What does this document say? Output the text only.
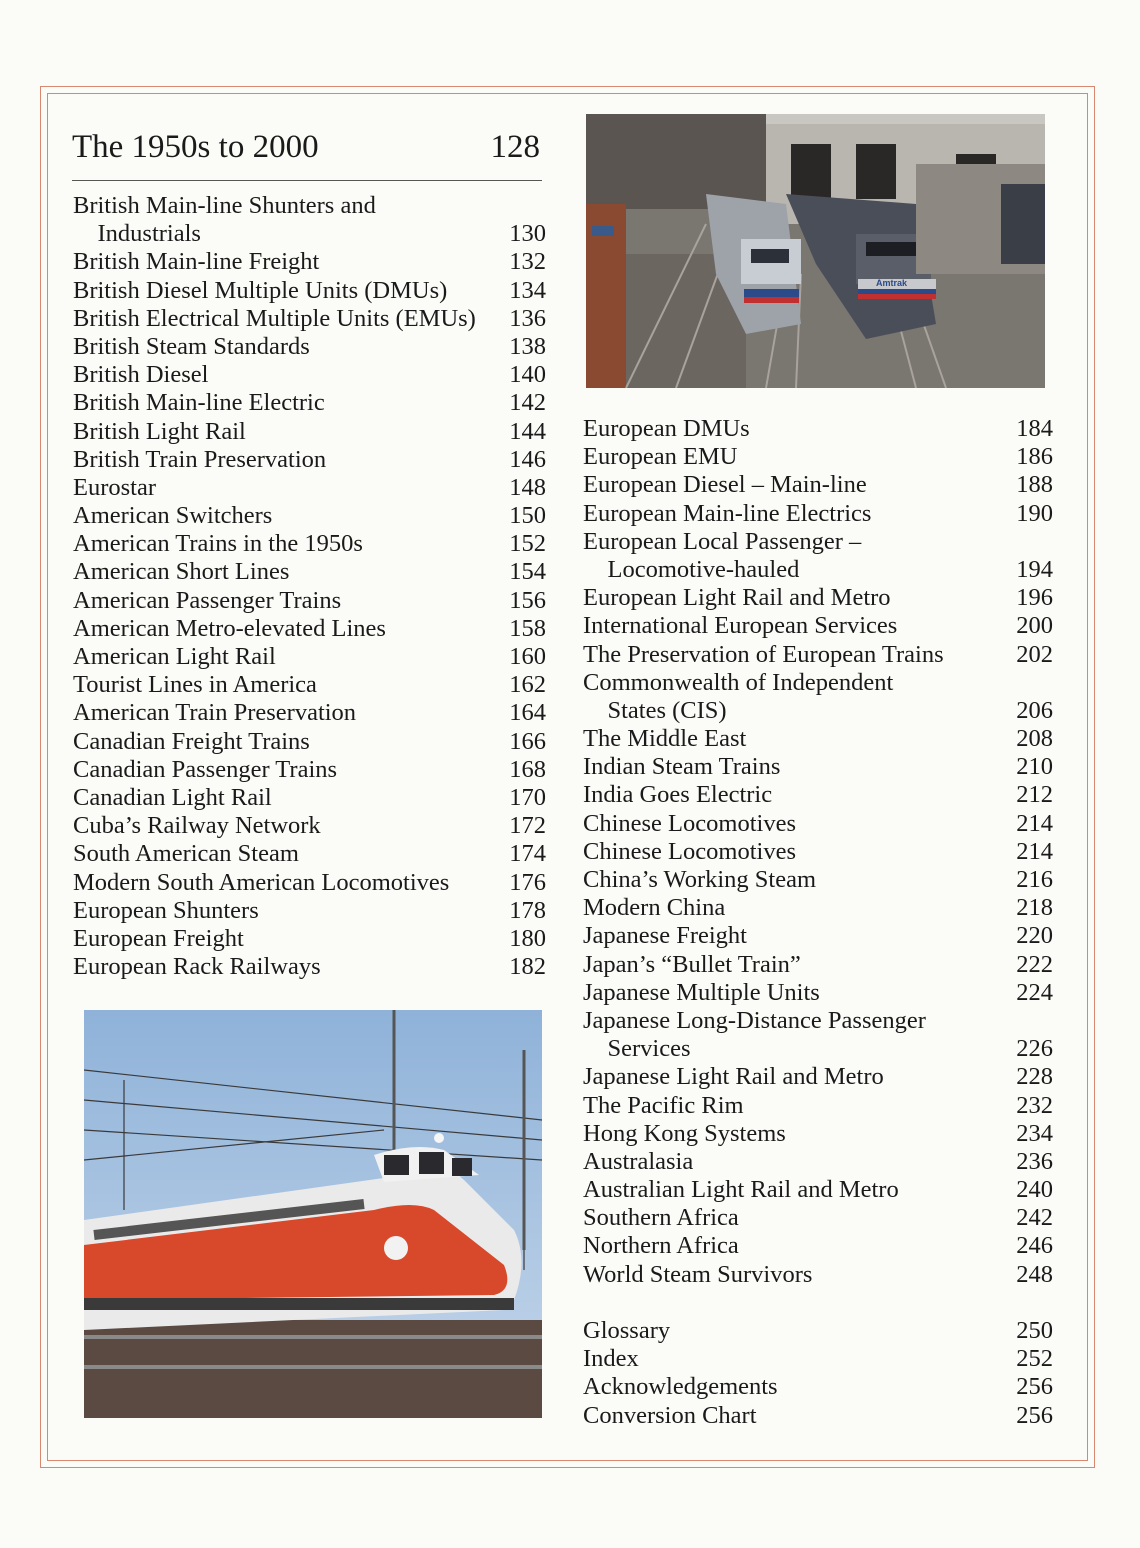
The 1950s to 2000	128
British Main-line Shunters and
Industrials	130
British Main-line Freight	132
British Diesel Multiple Units (DMUs)	134
British Electrical Multiple Units (EMUs) 136
British Steam Standards	138
British Diesel	140
British Main-line Electric	142
British Light Rail	144
British Train Preservation	146
Eurostar	148
American Switchers	150
American Trains in the 1950s	152
American Short Lines	154
American Passenger Trains	156
American Metro-elevated Lines	158
American Light Rail	160
Tourist Lines in America	162
American Train Preservation	164
Canadian Freight Trains	166
Canadian Passenger Trains	168
Canadian Light Rail	170
Cuba’s Railway Network	172
South American Steam	174
Modern South American Locomotives 176
European Shunters	178
European Freight	180
European Rack Railways	182
European DMUs	184
European EMU	186
European Diesel – Main-line	188
European Main-line Electrics	190
European Local Passenger –
Locomotive-hauled	194
European Light Rail and Metro	196
International European Services	200
The Preservation of European Trains	202
Commonwealth of Independent
States (CIS)	206
The Middle East	208
Indian Steam Trains	210
India Goes Electric	212
Chinese Locomotives	214
Chinese Locomotives	214
China’s Working Steam	216
Modern China	218
Japanese Freight	220
Japan’s “Bullet Train”	222
Japanese Multiple Units	224
Japanese Long-Distance Passenger
Services	226
Japanese Light Rail and Metro	228
The Pacific Rim	232
Hong Kong Systems	234
Australasia	236
Australian Light Rail and Metro	240
Southern Africa	242
Northern Africa	246
World Steam Survivors	248
Glossary	250
Index	252
Acknowledgements	256
Conversion Chart	256
Amtrak
